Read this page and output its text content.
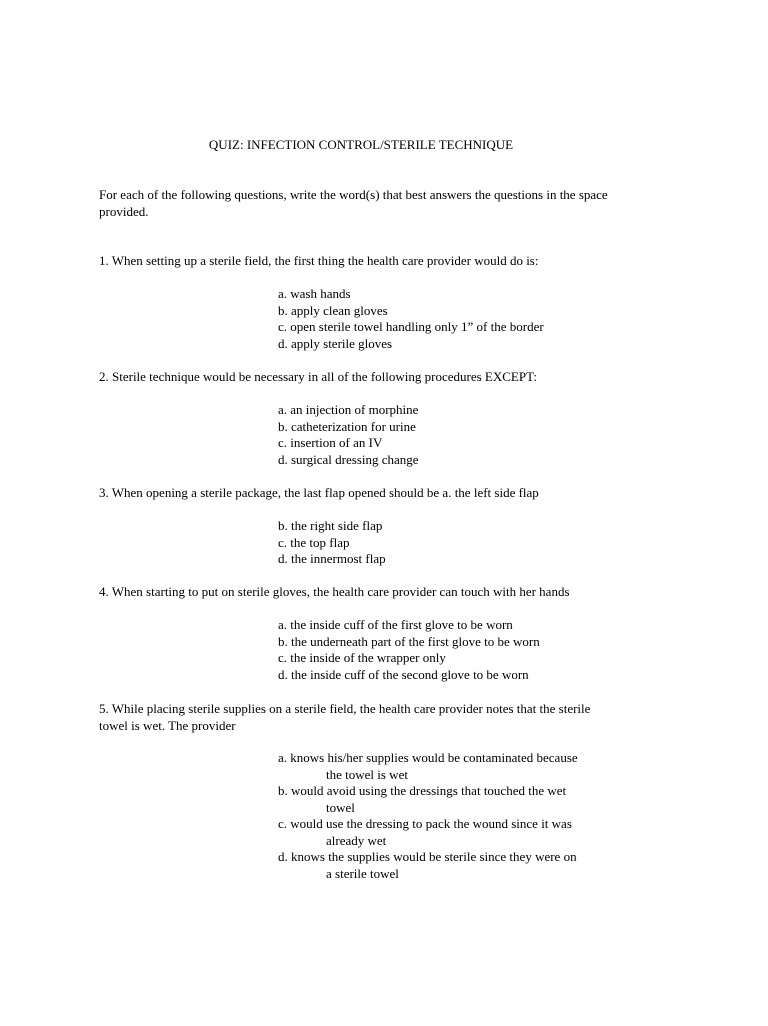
QUIZ: INFECTION CONTROL/STERILE TECHNIQUE
For each of the following questions, write the word(s) that best answers the questions in the space provided.
1. When setting up a sterile field, the first thing the health care provider would do is:
a. wash hands
b. apply clean gloves
c. open sterile towel handling only 1” of the border
d. apply sterile gloves
2. Sterile technique would be necessary in all of the following procedures EXCEPT:
a. an injection of morphine
b. catheterization for urine
c. insertion of an IV
d. surgical dressing change
3. When opening a sterile package, the last flap opened should be a. the left side flap
b. the right side flap
c. the top flap
d. the innermost flap
4. When starting to put on sterile gloves, the health care provider can touch with her hands
a. the inside cuff of the first glove to be worn
b. the underneath part of the first glove to be worn
c. the inside of the wrapper only
d. the inside cuff of the second glove to be worn
5. While placing sterile supplies on a sterile field, the health care provider notes that the sterile towel is wet. The provider
a. knows his/her supplies would be contaminated because
the towel is wet
b. would avoid using the dressings that touched the wet
towel
c. would use the dressing to pack the wound since it was
already wet
d. knows the supplies would be sterile since they were on
a sterile towel
